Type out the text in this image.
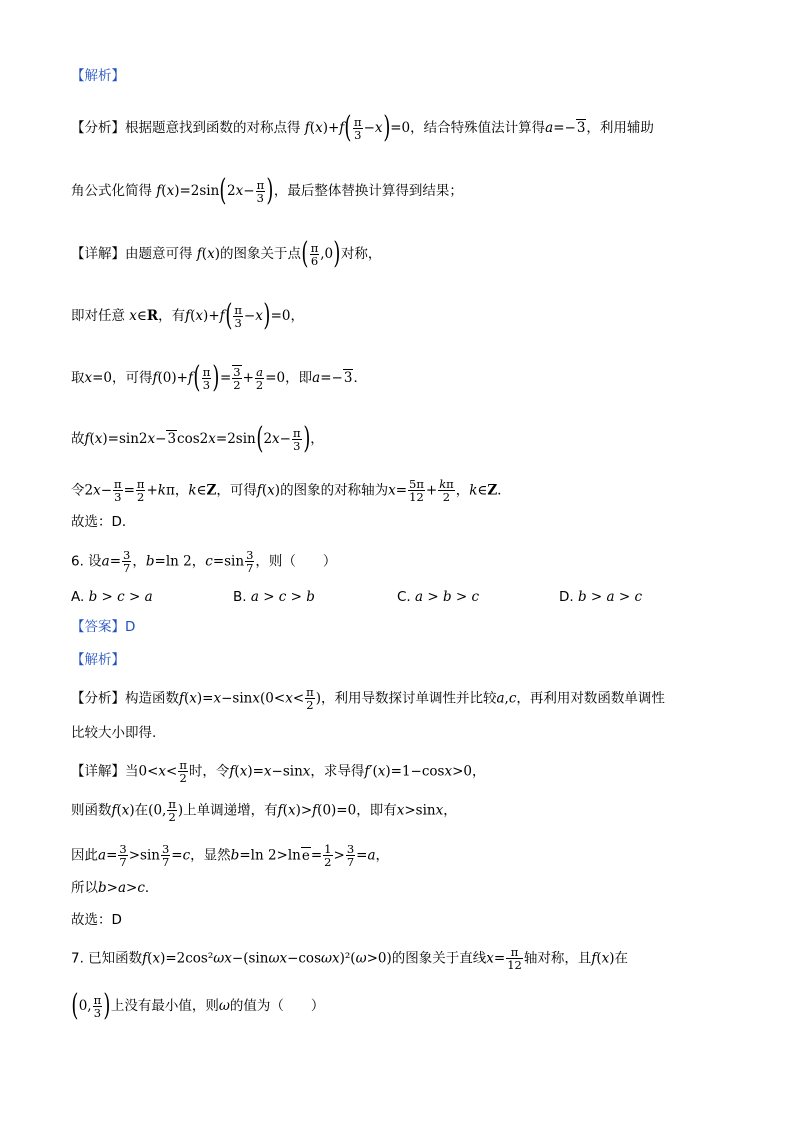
【解析】
【分析】根据题意找到函数的对称点得 $f(x)+f( \frac{\pi}{3} -x)=0$，结合特殊值法计算得a=−3，利用辅助
角公式化简得 $f(x)=2\sin(2x- \frac{\pi}{3}$ )，最后整体替换计算得到结果；
【详解】由题意可得 f(x)的图象关于点( $\frac{\pi}{6} ,0$)对称，
即对任意 x∈R，有$f(x)+f( \frac{\pi}{3} -x)=0$，
取x=0，可得$f(0)+f( \frac{\pi}{3}$ )= $\frac{3}{2} + \frac{a}{2} =0$，即a=−3．
故$f(x)=\sin 2x-3\cos 2x=2\sin(2x- \frac{\pi}{3}$ )，
令$2x- \frac{\pi}{3} = \frac{\pi}{2} +k\pi$，k∈Z，可得f(x)的图象的对称轴为$x= \frac{5\pi}{12} + \frac{k\pi}{2}$ ，k∈Z．
故选：D．
6. 设$a= \frac{3}{7}$ ，b=ln 2，$c=\sin \frac{3}{7}$ ，则（　　）
A. b > c > a	B. a > c > b	C. a > b > c	D. b > a > c
【答案】D
【解析】
【分析】构造函数$f(x)=x-\sin x(0<x< \frac{\pi}{2}$ )，利用导数探讨单调性并比较a,c，再利用对数函数单调性
比较大小即得.
【详解】当$0<x< \frac{\pi}{2}$ 时，令f(x)=x−sinx，求导得f′(x)=1−cosx>0，
则函数f(x)在(0, $\frac{\pi}{2}$ )上单调递增，有f(x)>f(0)=0，即有x>sinx，
因此$a= \frac{3}{7} >\sin \frac{3}{7} =c$，显然b=ln $2>\ln e= \frac{1}{2} > \frac{3}{7} =a$，
所以b>a>c．
故选：D
7. 已知函数f(x)=2cos²ωx−(sinωx−cosωx)²(ω>0)的图象关于直线$x= \frac{\pi}{12}$ 轴对称，且f(x)在
(0, $\frac{\pi}{3}$ )上没有最小值，则ω的值为（　　）
